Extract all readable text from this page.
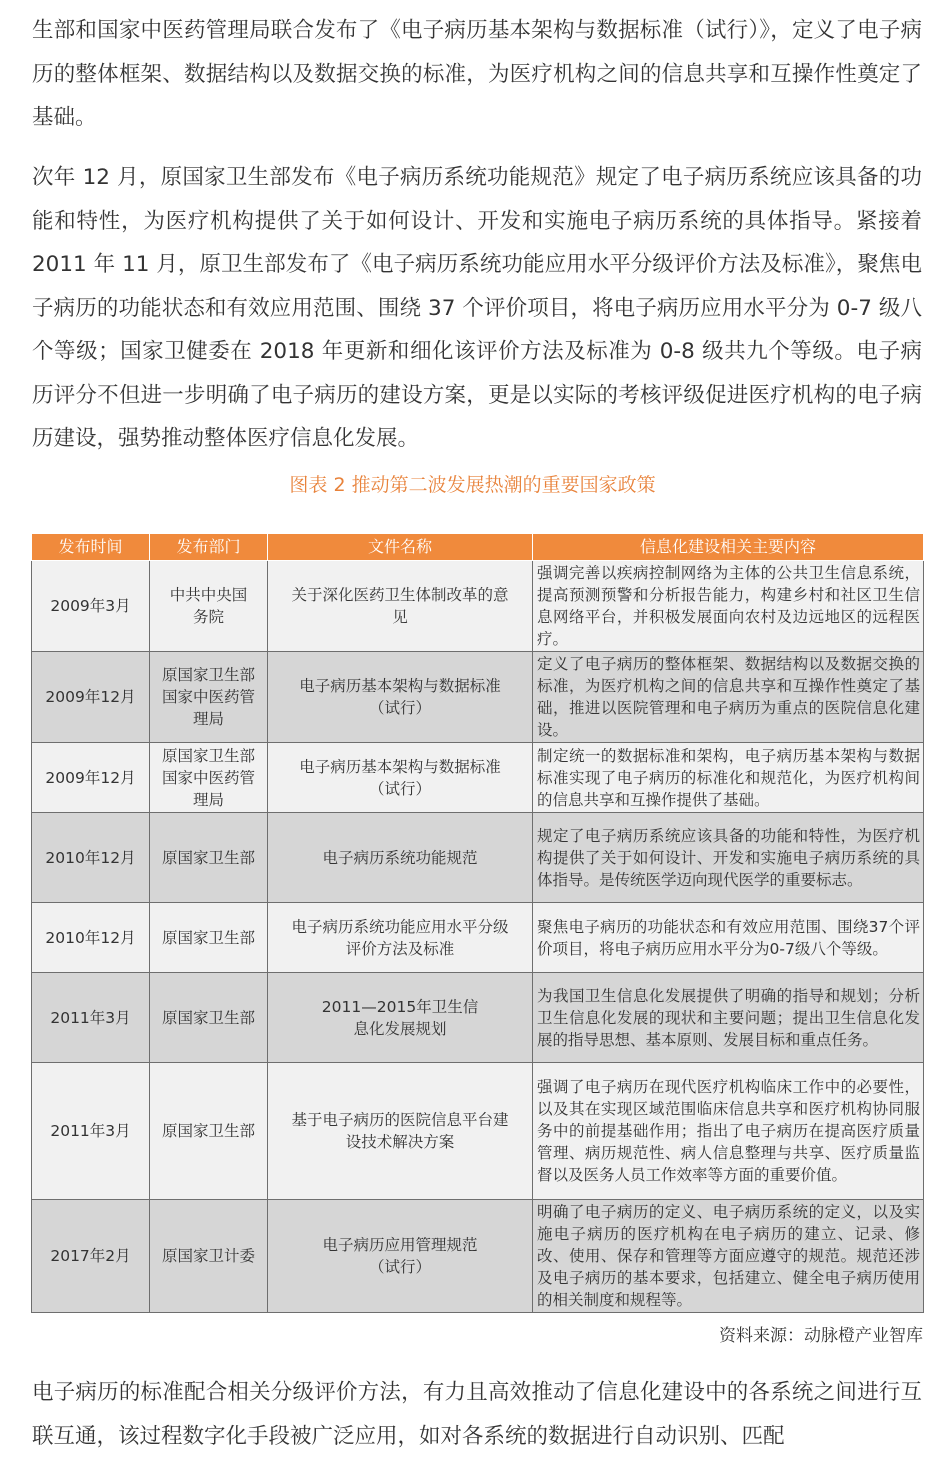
生部和国家中医药管理局联合发布了《电子病历基本架构与数据标准（试行）》，定义了电子病历的整体框架、数据结构以及数据交换的标准，为医疗机构之间的信息共享和互操作性奠定了基础。

次年 12 月，原国家卫生部发布《电子病历系统功能规范》规定了电子病历系统应该具备的功能和特性，为医疗机构提供了关于如何设计、开发和实施电子病历系统的具体指导。紧接着 2011 年 11 月，原卫生部发布了《电子病历系统功能应用水平分级评价方法及标准》，聚焦电子病历的功能状态和有效应用范围、围绕 37 个评价项目，将电子病历应用水平分为 0-7 级八个等级；国家卫健委在 2018 年更新和细化该评价方法及标准为 0-8 级共九个等级。电子病历评分不但进一步明确了电子病历的建设方案，更是以实际的考核评级促进医疗机构的电子病历建设，强势推动整体医疗信息化发展。

图表 2 推动第二波发展热潮的重要国家政策
发布时间	发布部门	文件名称	信息化建设相关主要内容
2009年3月	中共中央国务院	关于深化医药卫生体制改革的意见	强调完善以疾病控制网络为主体的公共卫生信息系统，提高预测预警和分析报告能力，构建乡村和社区卫生信息网络平台，并积极发展面向农村及边远地区的远程医疗。
2009年12月	原国家卫生部国家中医药管理局	电子病历基本架构与数据标准（试行）	定义了电子病历的整体框架、数据结构以及数据交换的标准，为医疗机构之间的信息共享和互操作性奠定了基础，推进以医院管理和电子病历为重点的医院信息化建设。
2009年12月	原国家卫生部国家中医药管理局	电子病历基本架构与数据标准（试行）	制定统一的数据标准和架构，电子病历基本架构与数据标准实现了电子病历的标准化和规范化，为医疗机构间的信息共享和互操作提供了基础。
2010年12月	原国家卫生部	电子病历系统功能规范	规定了电子病历系统应该具备的功能和特性，为医疗机构提供了关于如何设计、开发和实施电子病历系统的具体指导。是传统医学迈向现代医学的重要标志。
2010年12月	原国家卫生部	电子病历系统功能应用水平分级评价方法及标准	聚焦电子病历的功能状态和有效应用范围、围绕37个评价项目，将电子病历应用水平分为0-7级八个等级。
2011年3月	原国家卫生部	2011—2015年卫生信息化发展规划	为我国卫生信息化发展提供了明确的指导和规划；分析卫生信息化发展的现状和主要问题；提出卫生信息化发展的指导思想、基本原则、发展目标和重点任务。
2011年3月	原国家卫生部	基于电子病历的医院信息平台建设技术解决方案	强调了电子病历在现代医疗机构临床工作中的必要性，以及其在实现区域范围临床信息共享和医疗机构协同服务中的前提基础作用；指出了电子病历在提高医疗质量管理、病历规范性、病人信息整理与共享、医疗质量监督以及医务人员工作效率等方面的重要价值。
2017年2月	原国家卫计委	电子病历应用管理规范（试行）	明确了电子病历的定义、电子病历系统的定义，以及实施电子病历的医疗机构在电子病历的建立、记录、修改、使用、保存和管理等方面应遵守的规范。规范还涉及电子病历的基本要求，包括建立、健全电子病历使用的相关制度和规程等。
资料来源：动脉橙产业智库

电子病历的标准配合相关分级评价方法，有力且高效推动了信息化建设中的各系统之间进行互联互通，该过程数字化手段被广泛应用，如对各系统的数据进行自动识别、匹配
